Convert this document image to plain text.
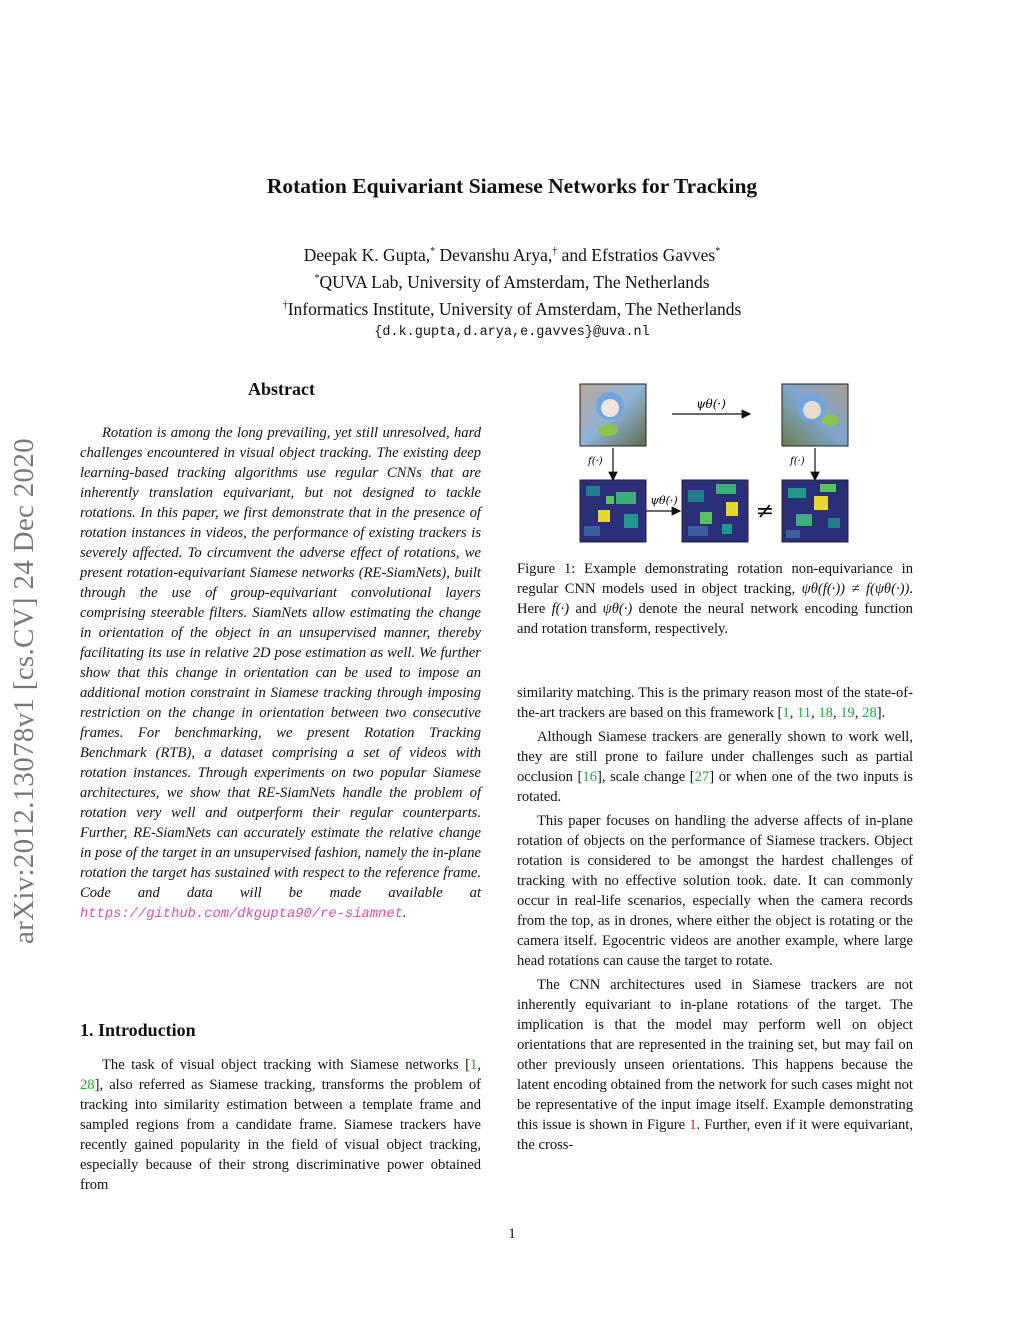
arXiv:2012.13078v1 [cs.CV] 24 Dec 2020
Rotation Equivariant Siamese Networks for Tracking
Deepak K. Gupta,* Devanshu Arya,† and Efstratios Gavves*
*QUVA Lab, University of Amsterdam, The Netherlands
†Informatics Institute, University of Amsterdam, The Netherlands
{d.k.gupta,d.arya,e.gavves}@uva.nl
Abstract
Rotation is among the long prevailing, yet still unresolved, hard challenges encountered in visual object tracking. The existing deep learning-based tracking algorithms use regular CNNs that are inherently translation equivariant, but not designed to tackle rotations. In this paper, we first demonstrate that in the presence of rotation instances in videos, the performance of existing trackers is severely affected. To circumvent the adverse effect of rotations, we present rotation-equivariant Siamese networks (RE-SiamNets), built through the use of group-equivariant convolutional layers comprising steerable filters. SiamNets allow estimating the change in orientation of the object in an unsupervised manner, thereby facilitating its use in relative 2D pose estimation as well. We further show that this change in orientation can be used to impose an additional motion constraint in Siamese tracking through imposing restriction on the change in orientation between two consecutive frames. For benchmarking, we present Rotation Tracking Benchmark (RTB), a dataset comprising a set of videos with rotation instances. Through experiments on two popular Siamese architectures, we show that RE-SiamNets handle the problem of rotation very well and outperform their regular counterparts. Further, RE-SiamNets can accurately estimate the relative change in pose of the target in an unsupervised fashion, namely the in-plane rotation the target has sustained with respect to the reference frame. Code and data will be made available at https://github.com/dkgupta90/re-siamnet.
1. Introduction
The task of visual object tracking with Siamese networks [1, 28], also referred as Siamese tracking, transforms the problem of tracking into similarity estimation between a template frame and sampled regions from a candidate frame. Siamese trackers have recently gained popularity in the field of visual object tracking, especially because of their strong discriminative power obtained from
ψθ(·)
f(·)	f(·)
ψθ(·)	≠
Figure 1: Example demonstrating rotation non-equivariance in regular CNN models used in object tracking, ψθ(f(·)) ≠ f(ψθ(·)). Here f(·) and ψθ(·) denote the neural network encoding function and rotation transform, respectively.

similarity matching. This is the primary reason most of the state-of-the-art trackers are based on this framework [1, 11, 18, 19, 28].

Although Siamese trackers are generally shown to work well, they are still prone to failure under challenges such as partial occlusion [16], scale change [27] or when one of the two inputs is rotated.

This paper focuses on handling the adverse affects of in-plane rotation of objects on the performance of Siamese trackers. Object rotation is considered to be amongst the hardest challenges of tracking with no effective solution took. date. It can commonly occur in real-life scenarios, especially when the camera records from the top, as in drones, where either the object is rotating or the camera itself. Egocentric videos are another example, where large head rotations can cause the target to rotate.

The CNN architectures used in Siamese trackers are not inherently equivariant to in-plane rotations of the target. The implication is that the model may perform well on object orientations that are represented in the training set, but may fail on other previously unseen orientations. This happens because the latent encoding obtained from the network for such cases might not be representative of the input image itself. Example demonstrating this issue is shown in Figure 1. Further, even if it were equivariant, the cross-

1
